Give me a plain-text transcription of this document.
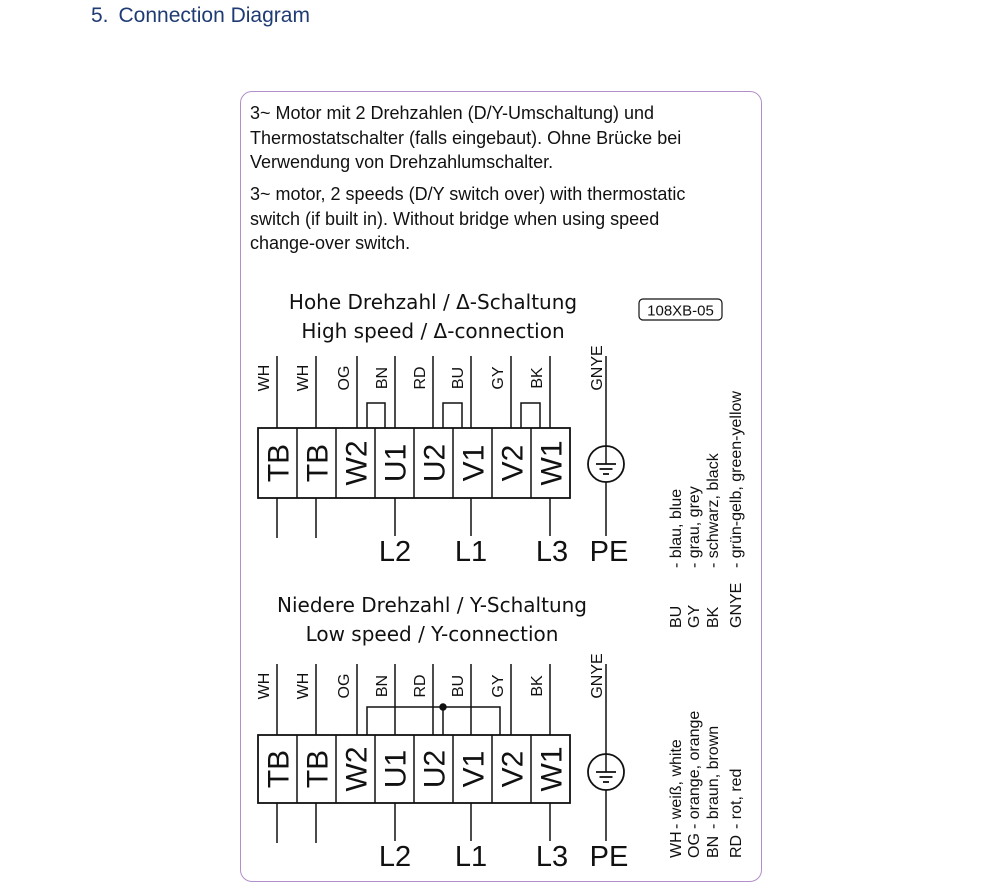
5. Connection Diagram
3~ Motor mit 2 Drehzahlen (D/Y-Umschaltung) und
Thermostatschalter (falls eingebaut). Ohne Brücke bei
Verwendung von Drehzahlumschalter.
3~ motor, 2 speeds (D/Y switch over) with thermostatic
switch (if built in). Without bridge when using speed
change-over switch.
108XB-05
Hohe Drehzahl / Δ-Schaltung
High speed / Δ-connection
Niedere Drehzahl / Y-Schaltung
Low speed / Y-connection
WH WH OG BN RD BU GY BK
TB TB W2 U1 U2 V1 V2 W1
GNYE
L2 L1 L3 PE
WH WH OG BN RD BU GY BK
TB TB W2 U1 U2 V1 V2 W1
GNYE
L2 L1 L3 PE
BU
- blau, blue
GY
- grau, grey
BK
- schwarz, black
GNYE
- grün-gelb, green-yellow
WH
- weiß, white
OG
- orange, orange
BN
- braun, brown
RD
- rot, red
